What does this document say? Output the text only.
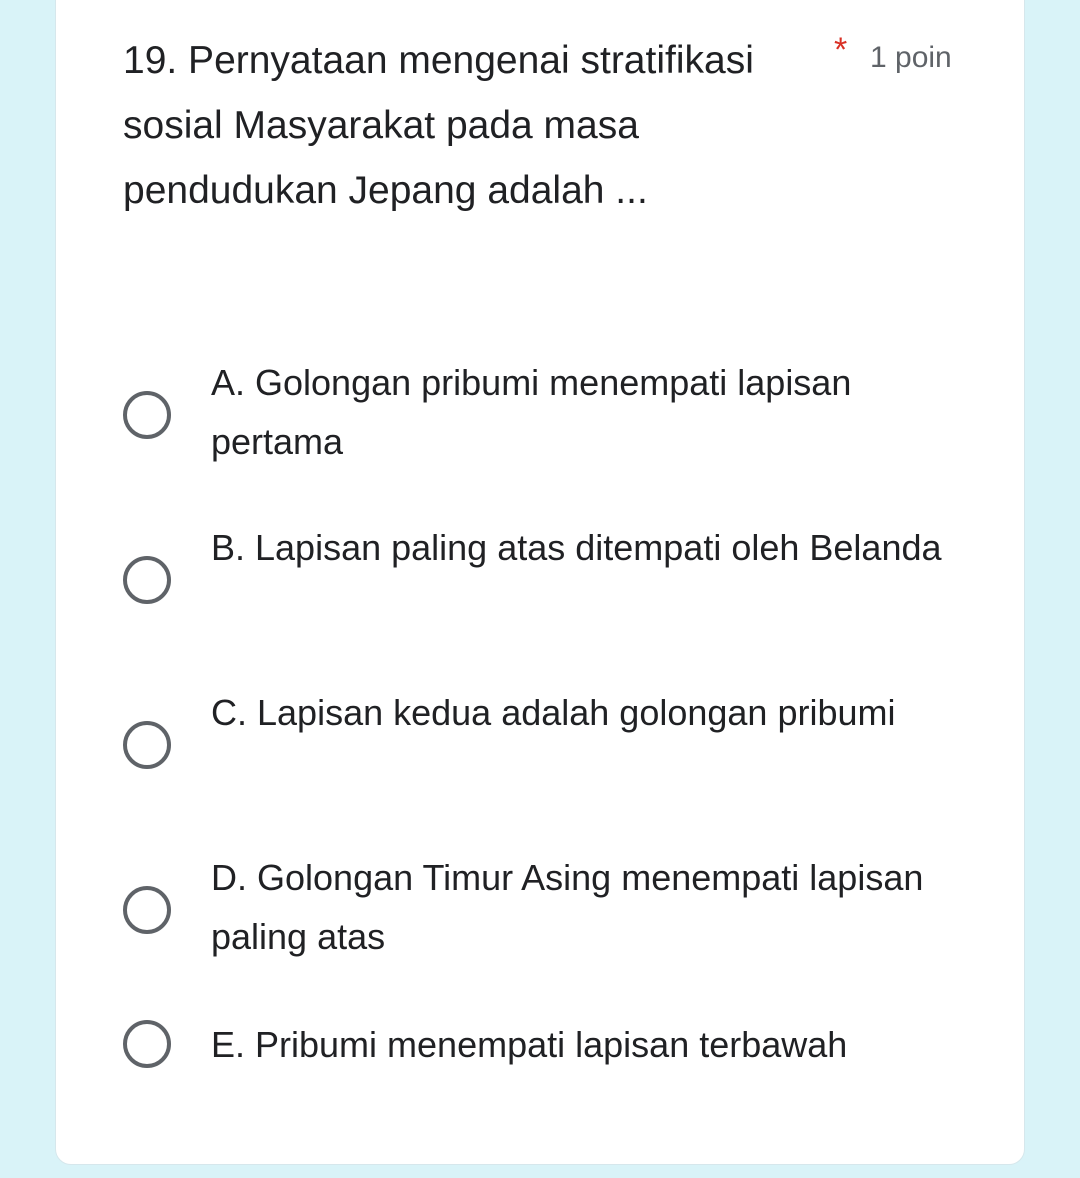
19. Pernyataan mengenai stratifikasi sosial Masyarakat pada masa pendudukan Jepang adalah ...

* 1 poin
A. Golongan pribumi menempati lapisan pertama
B. Lapisan paling atas ditempati oleh Belanda
C. Lapisan kedua adalah golongan pribumi
D. Golongan Timur Asing menempati lapisan paling atas
E. Pribumi menempati lapisan terbawah
